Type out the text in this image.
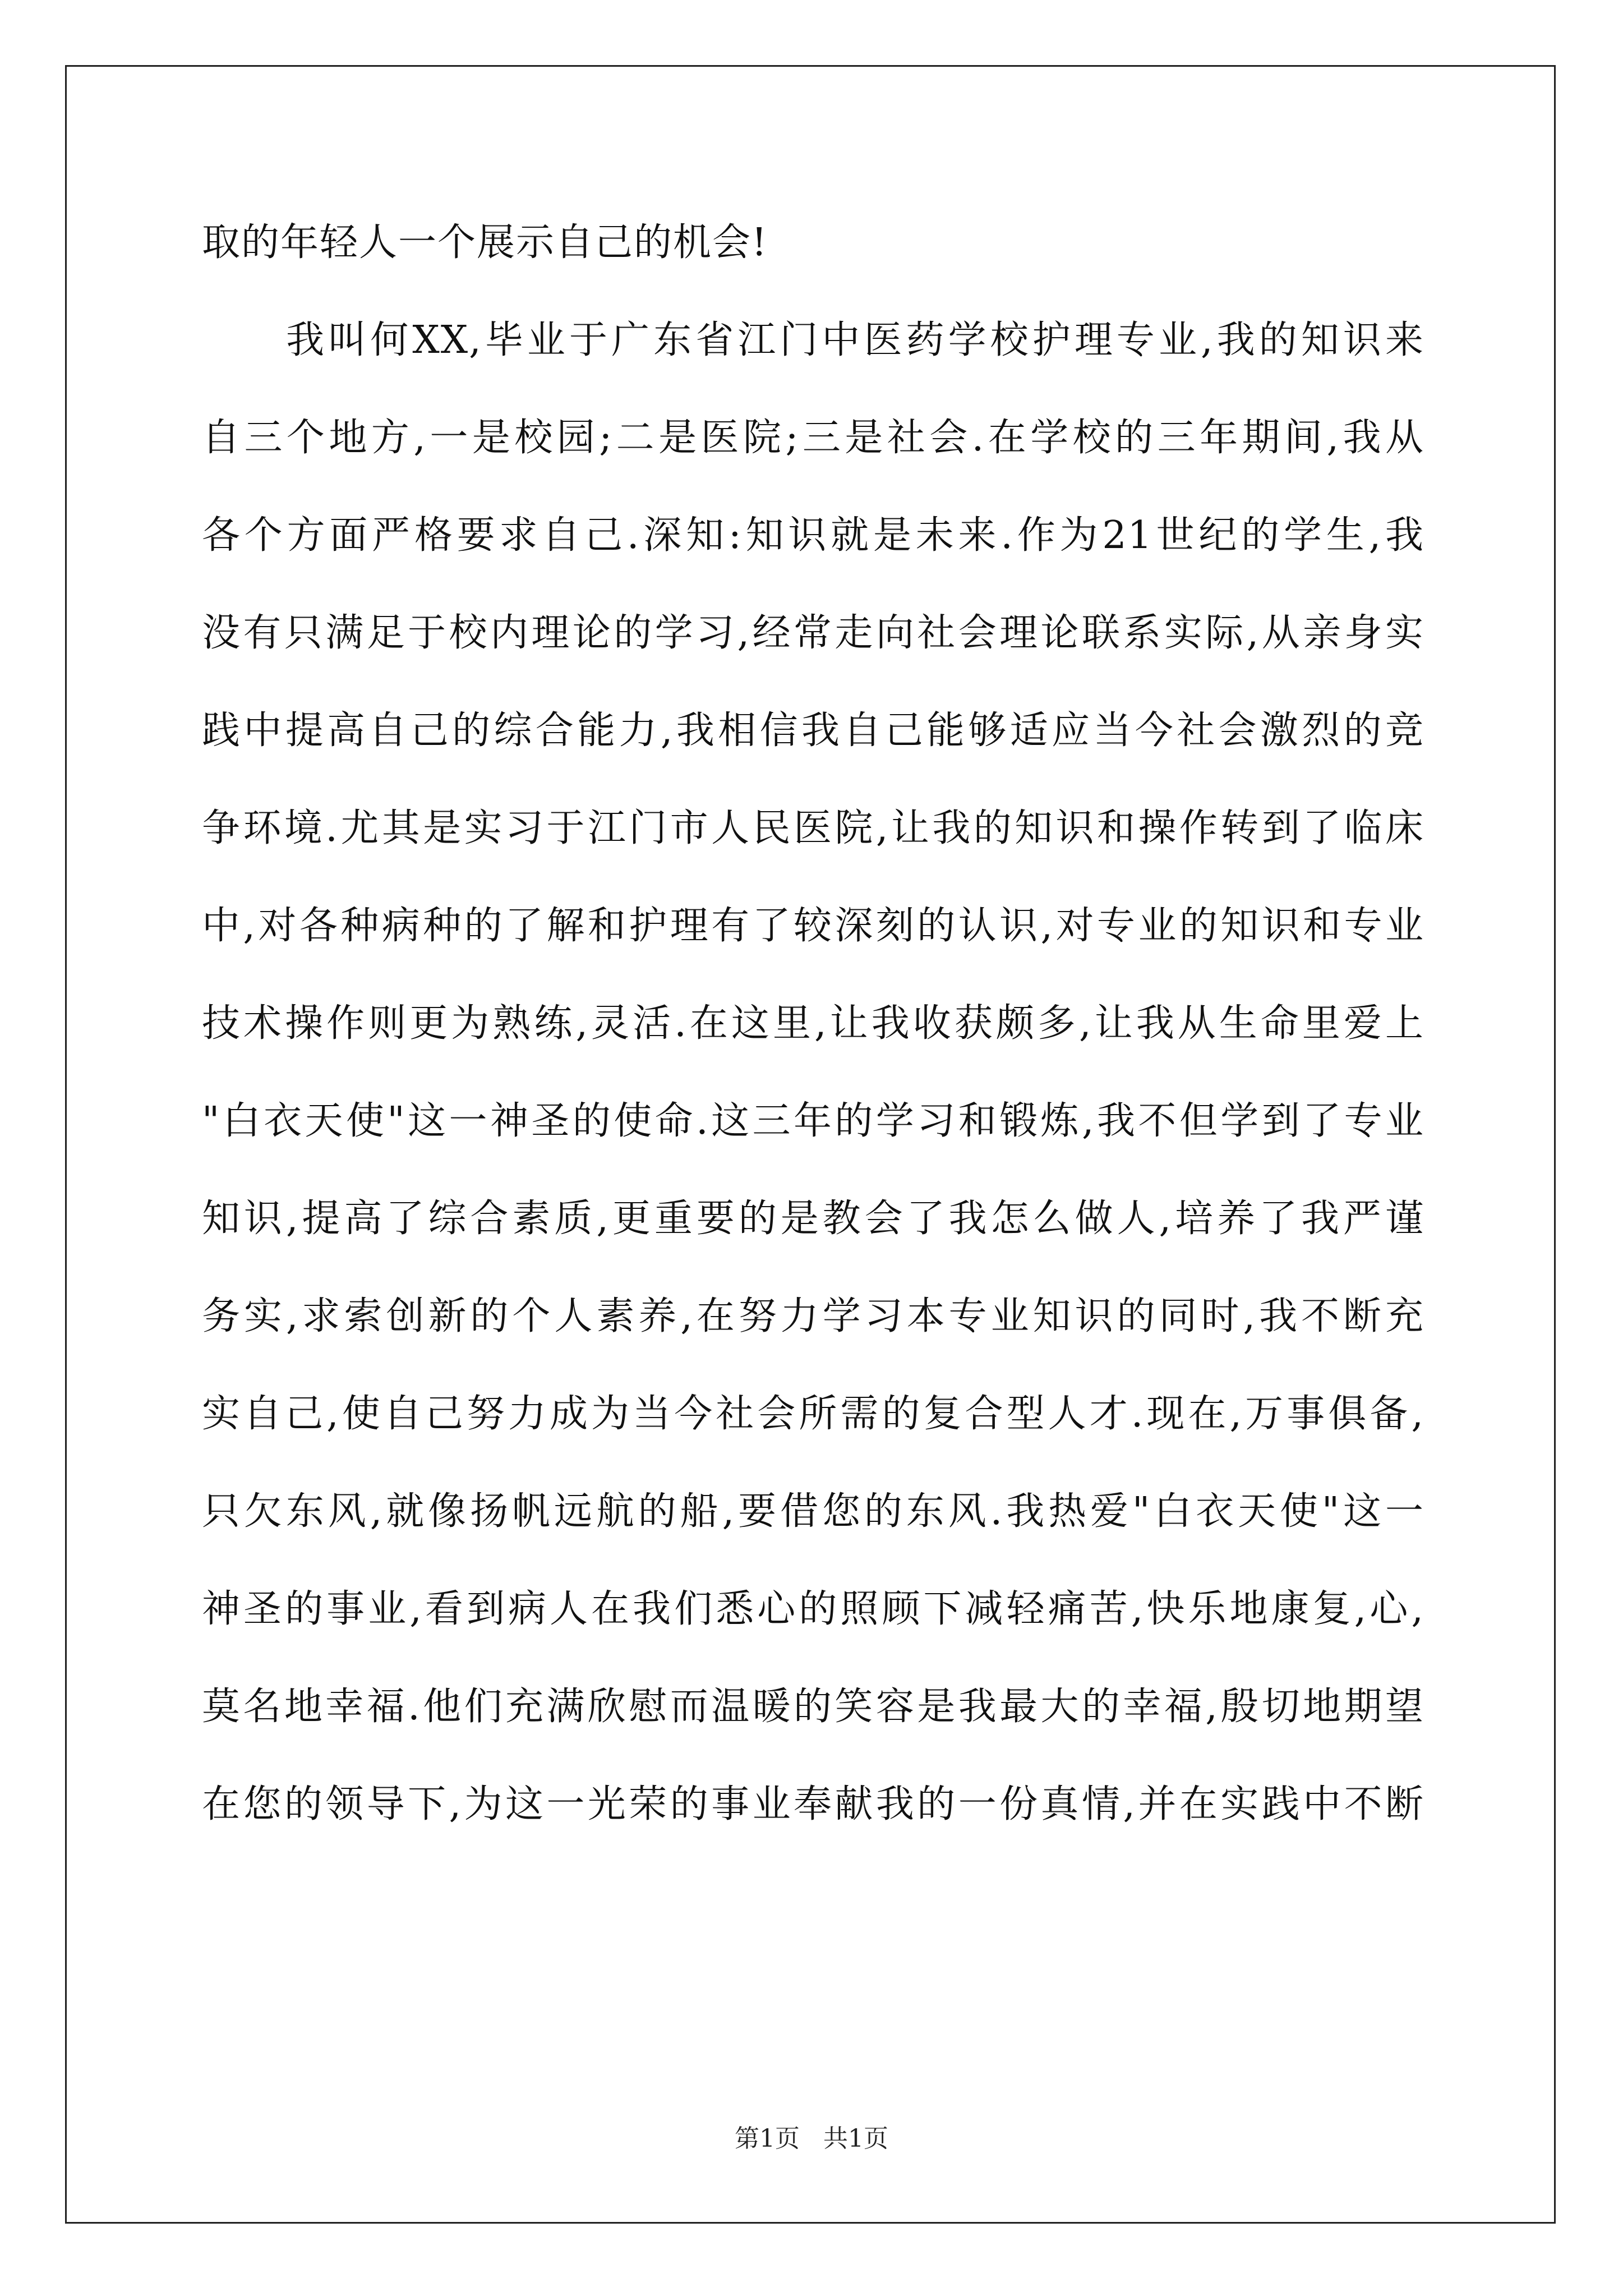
取的年轻人一个展示自己的机会!
　　我叫何XX,毕业于广东省江门中医药学校护理专业,我的知识来
自三个地方,一是校园;二是医院;三是社会.在学校的三年期间,我从
各个方面严格要求自己.深知:知识就是未来.作为21世纪的学生,我
没有只满足于校内理论的学习,经常走向社会理论联系实际,从亲身实
践中提高自己的综合能力,我相信我自己能够适应当今社会激烈的竞
争环境.尤其是实习于江门市人民医院,让我的知识和操作转到了临床
中,对各种病种的了解和护理有了较深刻的认识,对专业的知识和专业
技术操作则更为熟练,灵活.在这里,让我收获颇多,让我从生命里爱上
"白衣天使"这一神圣的使命.这三年的学习和锻炼,我不但学到了专业
知识,提高了综合素质,更重要的是教会了我怎么做人,培养了我严谨
务实,求索创新的个人素养,在努力学习本专业知识的同时,我不断充
实自己,使自己努力成为当今社会所需的复合型人才.现在,万事俱备,
只欠东风,就像扬帆远航的船,要借您的东风.我热爱"白衣天使"这一
神圣的事业,看到病人在我们悉心的照顾下减轻痛苦,快乐地康复,心,
莫名地幸福.他们充满欣慰而温暖的笑容是我最大的幸福,殷切地期望
在您的领导下,为这一光荣的事业奉献我的一份真情,并在实践中不断
第1页 共1页
